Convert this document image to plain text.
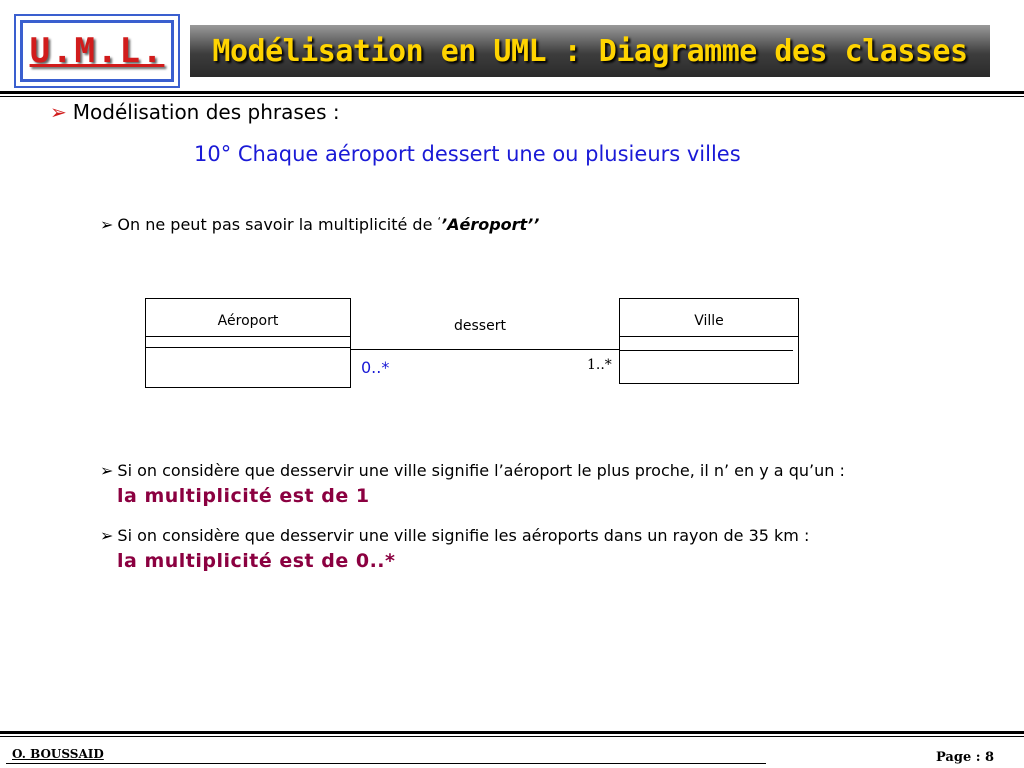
U.M.L. Modélisation en UML : Diagramme des classes
➢ Modélisation des phrases :
10° Chaque aéroport dessert une ou plusieurs villes
➢ On ne peut pas savoir la multiplicité de ‘’Aéroport’’
Aéroport	Ville
dessert
0..*	1..*
➢ Si on considère que desservir une ville signifie l’aéroport le plus proche, il n’ en y a qu’un :
la multiplicité est de 1
➢ Si on considère que desservir une ville signifie les aéroports dans un rayon de 35 km :
la multiplicité est de 0..*
O. BOUSSAID	Page : 8
